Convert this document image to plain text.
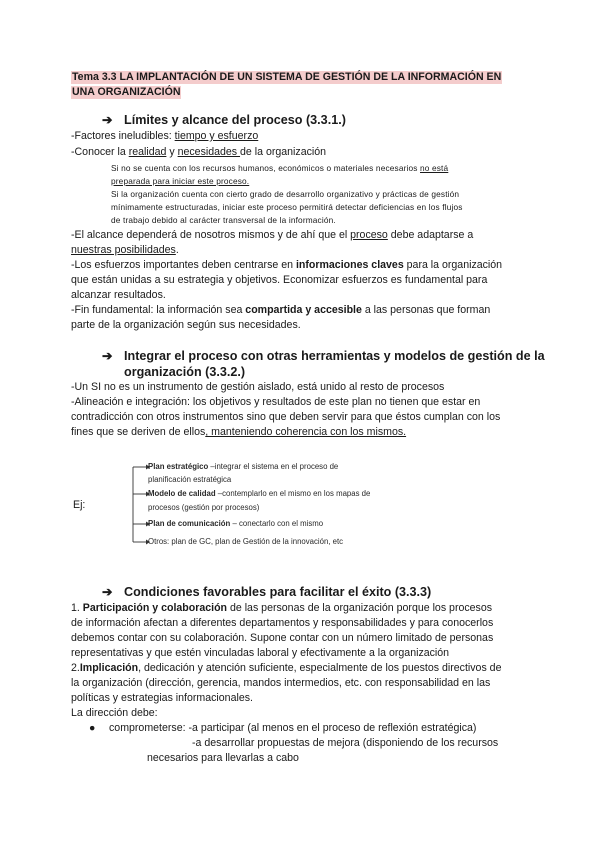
Tema 3.3 LA IMPLANTACIÓN DE UN SISTEMA DE GESTIÓN DE LA INFORMACIÓN EN
UNA ORGANIZACIÓN
➔ Límites y alcance del proceso (3.3.1.)
-Factores ineludibles: tiempo y esfuerzo
-Conocer la realidad y necesidades de la organización
Si no se cuenta con los recursos humanos, económicos o materiales necesarios no está
preparada para iniciar este proceso.
Si la organización cuenta con cierto grado de desarrollo organizativo y prácticas de gestión
mínimamente estructuradas, iniciar este proceso permitirá detectar deficiencias en los flujos
de trabajo debido al carácter transversal de la información.
-El alcance dependerá de nosotros mismos y de ahí que el proceso debe adaptarse a
nuestras posibilidades.
-Los esfuerzos importantes deben centrarse en informaciones claves para la organización
que están unidas a su estrategia y objetivos. Economizar esfuerzos es fundamental para
alcanzar resultados.
-Fin fundamental: la información sea compartida y accesible a las personas que forman
parte de la organización según sus necesidades.
➔ Integrar el proceso con otras herramientas y modelos de gestión de la
organización (3.3.2.)
-Un SI no es un instrumento de gestión aislado, está unido al resto de procesos
-Alineación e integración: los objetivos y resultados de este plan no tienen que estar en
contradicción con otros instrumentos sino que deben servir para que éstos cumplan con los
fines que se deriven de ellos, manteniendo coherencia con los mismos.
Ej:
Plan estratégico –integrar el sistema en el proceso de
planificación estratégica
Modelo de calidad –contemplarlo en el mismo en los mapas de
procesos (gestión por procesos)
Plan de comunicación – conectarlo con el mismo
Otros: plan de GC, plan de Gestión de la innovación, etc
➔ Condiciones favorables para facilitar el éxito (3.3.3)
1. Participación y colaboración de las personas de la organización porque los procesos
de información afectan a diferentes departamentos y responsabilidades y para conocerlos
debemos contar con su colaboración. Supone contar con un número limitado de personas
representativas y que estén vinculadas laboral y efectivamente a la organización
2.Implicación, dedicación y atención suficiente, especialmente de los puestos directivos de
la organización (dirección, gerencia, mandos intermedios, etc. con responsabilidad en las
políticas y estrategias informacionales.
La dirección debe:
● comprometerse: -a participar (al menos en el proceso de reflexión estratégica)
-a desarrollar propuestas de mejora (disponiendo de los recursos
necesarios para llevarlas a cabo
